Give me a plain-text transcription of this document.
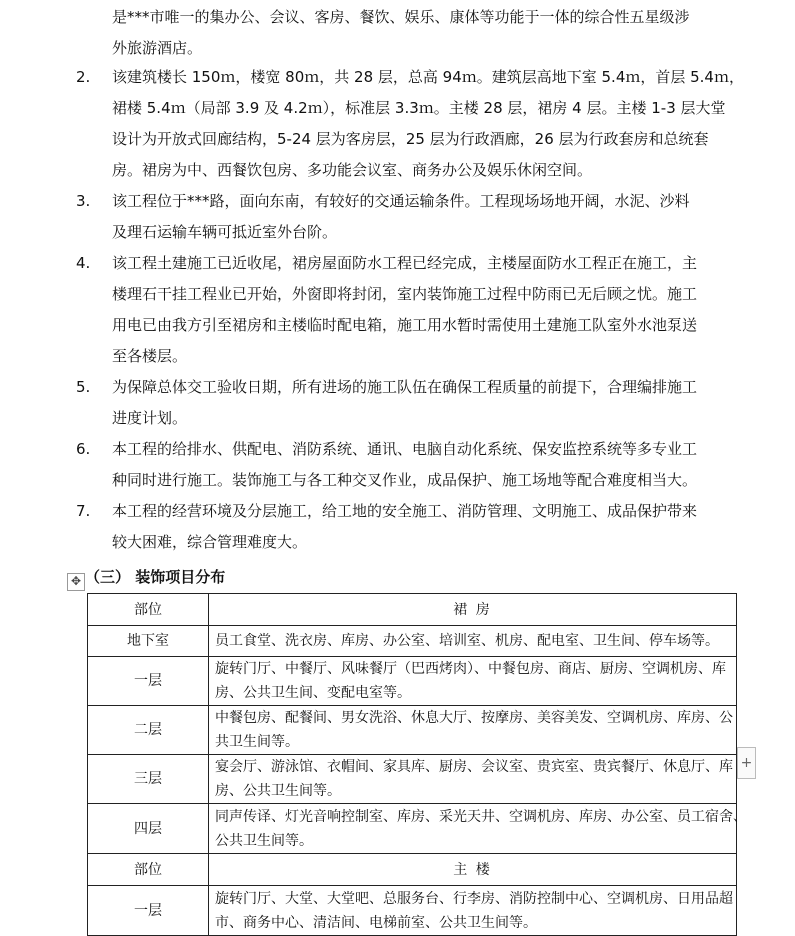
是***市唯一的集办公、会议、客房、餐饮、娱乐、康体等功能于一体的综合性五星级涉
外旅游酒店。
2. 该建筑楼长 150ｍ，楼宽 80ｍ，共 28 层，总高 94ｍ。建筑层高地下室 5.4ｍ，首层 5.4ｍ，
裙楼 5.4ｍ（局部 3.9 及 4.2ｍ），标准层 3.3ｍ。主楼 28 层，裙房 4 层。主楼 1-3 层大堂
设计为开放式回廊结构，5-24 层为客房层，25 层为行政酒廊，26 层为行政套房和总统套
房。裙房为中、西餐饮包房、多功能会议室、商务办公及娱乐休闲空间。
3. 该工程位于***路，面向东南，有较好的交通运输条件。工程现场场地开阔，水泥、沙料
及理石运输车辆可抵近室外台阶。
4. 该工程土建施工已近收尾，裙房屋面防水工程已经完成，主楼屋面防水工程正在施工，主
楼理石干挂工程业已开始，外窗即将封闭，室内装饰施工过程中防雨已无后顾之忧。施工
用电已由我方引至裙房和主楼临时配电箱，施工用水暂时需使用土建施工队室外水池泵送
至各楼层。
5. 为保障总体交工验收日期，所有进场的施工队伍在确保工程质量的前提下，合理编排施工
进度计划。
6. 本工程的给排水、供配电、消防系统、通讯、电脑自动化系统、保安监控系统等多专业工
种同时进行施工。装饰施工与各工种交叉作业，成品保护、施工场地等配合难度相当大。
7. 本工程的经营环境及分层施工，给工地的安全施工、消防管理、文明施工、成品保护带来
较大困难，综合管理难度大。
（三） 装饰项目分布
✥
部位	裙 房
地下室	员工食堂、洗衣房、库房、办公室、培训室、机房、配电室、卫生间、停车场等。

一层	旋转门厅、中餐厅、风味餐厅（巴西烤肉）、中餐包房、商店、厨房、空调机房、库
房、公共卫生间、变配电室等。

二层	中餐包房、配餐间、男女洗浴、休息大厅、按摩房、美容美发、空调机房、库房、公
共卫生间等。

三层	宴会厅、游泳馆、衣帽间、家具库、厨房、会议室、贵宾室、贵宾餐厅、休息厅、库
房、公共卫生间等。

四层	同声传译、灯光音响控制室、库房、采光天井、空调机房、库房、办公室、员工宿舍、
公共卫生间等。

部位	主 楼
一层	旋转门厅、大堂、大堂吧、总服务台、行李房、消防控制中心、空调机房、日用品超
市、商务中心、清洁间、电梯前室、公共卫生间等。
+
